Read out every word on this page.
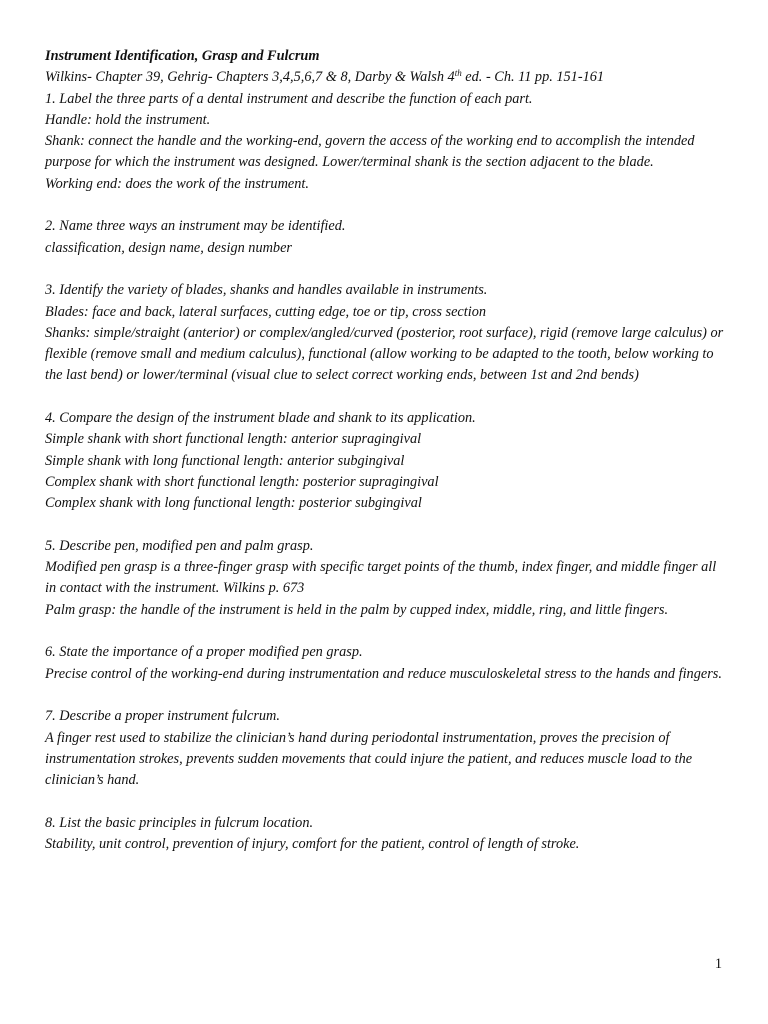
Instrument Identification, Grasp and Fulcrum
Wilkins- Chapter 39, Gehrig- Chapters 3,4,5,6,7 & 8, Darby & Walsh 4th ed. - Ch. 11 pp. 151-161
1. Label the three parts of a dental instrument and describe the function of each part.
Handle: hold the instrument.
Shank: connect the handle and the working-end, govern the access of the working end to accomplish the intended purpose for which the instrument was designed. Lower/terminal shank is the section adjacent to the blade.
Working end: does the work of the instrument.
2. Name three ways an instrument may be identified.
classification, design name, design number
3. Identify the variety of blades, shanks and handles available in instruments.
Blades: face and back, lateral surfaces, cutting edge, toe or tip, cross section
Shanks: simple/straight (anterior) or complex/angled/curved (posterior, root surface), rigid (remove large calculus) or flexible (remove small and medium calculus), functional (allow working to be adapted to the tooth, below working to the last bend) or lower/terminal (visual clue to select correct working ends, between 1st and 2nd bends)
4. Compare the design of the instrument blade and shank to its application.
Simple shank with short functional length: anterior supragingival
Simple shank with long functional length: anterior subgingival
Complex shank with short functional length: posterior supragingival
Complex shank with long functional length: posterior subgingival
5. Describe pen, modified pen and palm grasp.
Modified pen grasp is a three-finger grasp with specific target points of the thumb, index finger, and middle finger all in contact with the instrument. Wilkins p. 673
Palm grasp: the handle of the instrument is held in the palm by cupped index, middle, ring, and little fingers.
6. State the importance of a proper modified pen grasp.
Precise control of the working-end during instrumentation and reduce musculoskeletal stress to the hands and fingers.
7. Describe a proper instrument fulcrum.
A finger rest used to stabilize the clinician’s hand during periodontal instrumentation, proves the precision of instrumentation strokes, prevents sudden movements that could injure the patient, and reduces muscle load to the clinician’s hand.
8. List the basic principles in fulcrum location.
Stability, unit control, prevention of injury, comfort for the patient, control of length of stroke.
1
